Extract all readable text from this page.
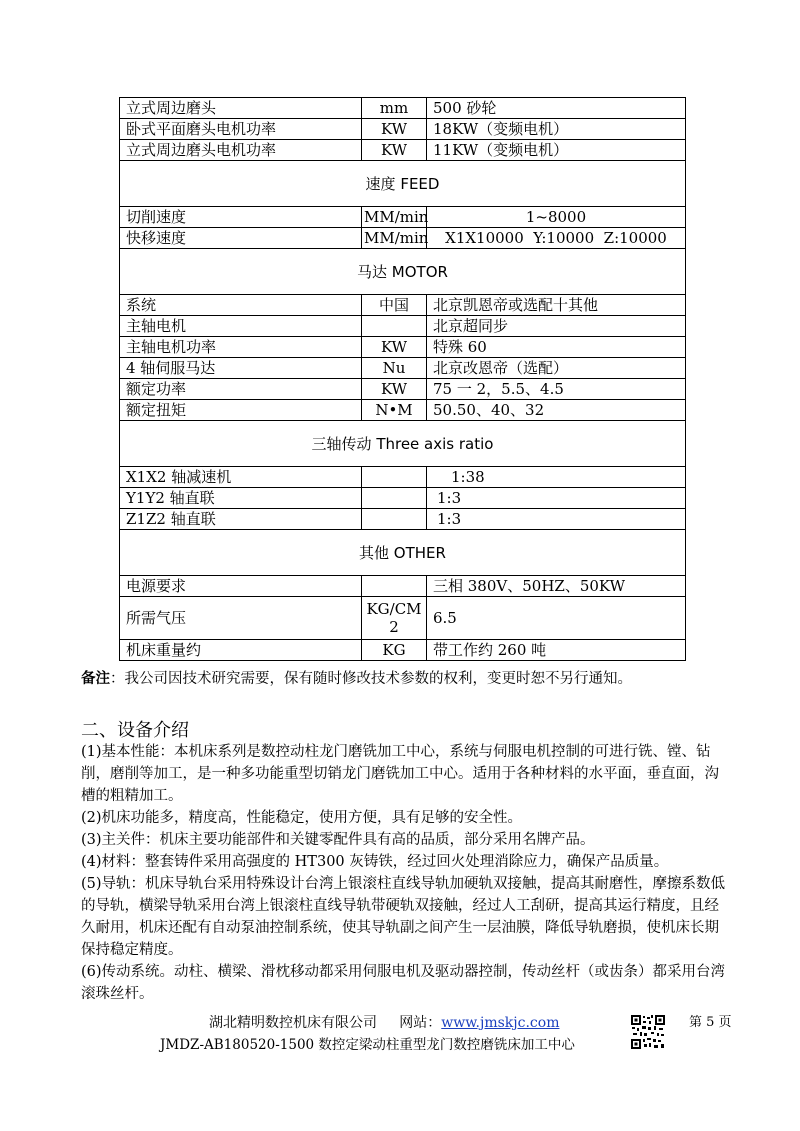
立式周边磨头	mm	500 砂轮
卧式平面磨头电机功率	KW	18KW（变频电机）
立式周边磨头电机功率	KW	11KW（变频电机）
速度 FEED		
切削速度	MM/min	1~8000
快移速度	MM/min	X1X10000  Y:10000  Z:10000
马达 MOTOR		
系统	中国	北京凯恩帝或选配十其他
主轴电机		北京超同步
主轴电机功率	KW	特殊 60
4 轴伺服马达	Nu	北京改恩帝（选配）
额定功率	KW	75 一 2，5.5、4.5
额定扭矩	N•M	50.50、40、32
三轴传动 Three axis ratio		
X1X2 轴减速机		1:38
Y1Y2 轴直联		1:3
Z1Z2 轴直联		1:3
其他 OTHER		
电源要求		三相 380V、50HZ、50KW
所需气压	KG/CM 2	6.5
机床重量约	KG	带工作约 260 吨
备注：我公司因技术研究需要，保有随时修改技术参数的权利，变更时恕不另行通知。
二、设备介绍

(1)基本性能：本机床系列是数控动柱龙门磨铣加工中心，系统与伺服电机控制的可进行铣、镗、钻削，磨削等加工，是一种多功能重型切销龙门磨铣加工中心。适用于各种材料的水平面，垂直面，沟槽的粗精加工。

(2)机床功能多，精度高，性能稳定，使用方便，具有足够的安全性。

(3)主关件：机床主要功能部件和关键零配件具有高的品质，部分采用名牌产品。

(4)材料：整套铸件采用高强度的 HT300 灰铸铁，经过回火处理消除应力，确保产品质量。

(5)导轨：机床导轨台采用特殊设计台湾上银滚柱直线导轨加硬轨双接触，提高其耐磨性，摩擦系数低的导轨，横梁导轨采用台湾上银滚柱直线导轨带硬轨双接触，经过人工刮研，提高其运行精度，且经久耐用，机床还配有自动泵油控制系统，使其导轨副之间产生一层油膜，降低导轨磨损，使机床长期保持稳定精度。

(6)传动系统。动柱、横梁、滑枕移动都采用伺服电机及驱动器控制，传动丝杆（或齿条）都采用台湾滚珠丝杆。

湖北精明数控机床有限公司 网站：www.jmskjc.com	第 5 页
JMDZ-AB180520-1500 数控定梁动柱重型龙门数控磨铣床加工中心
